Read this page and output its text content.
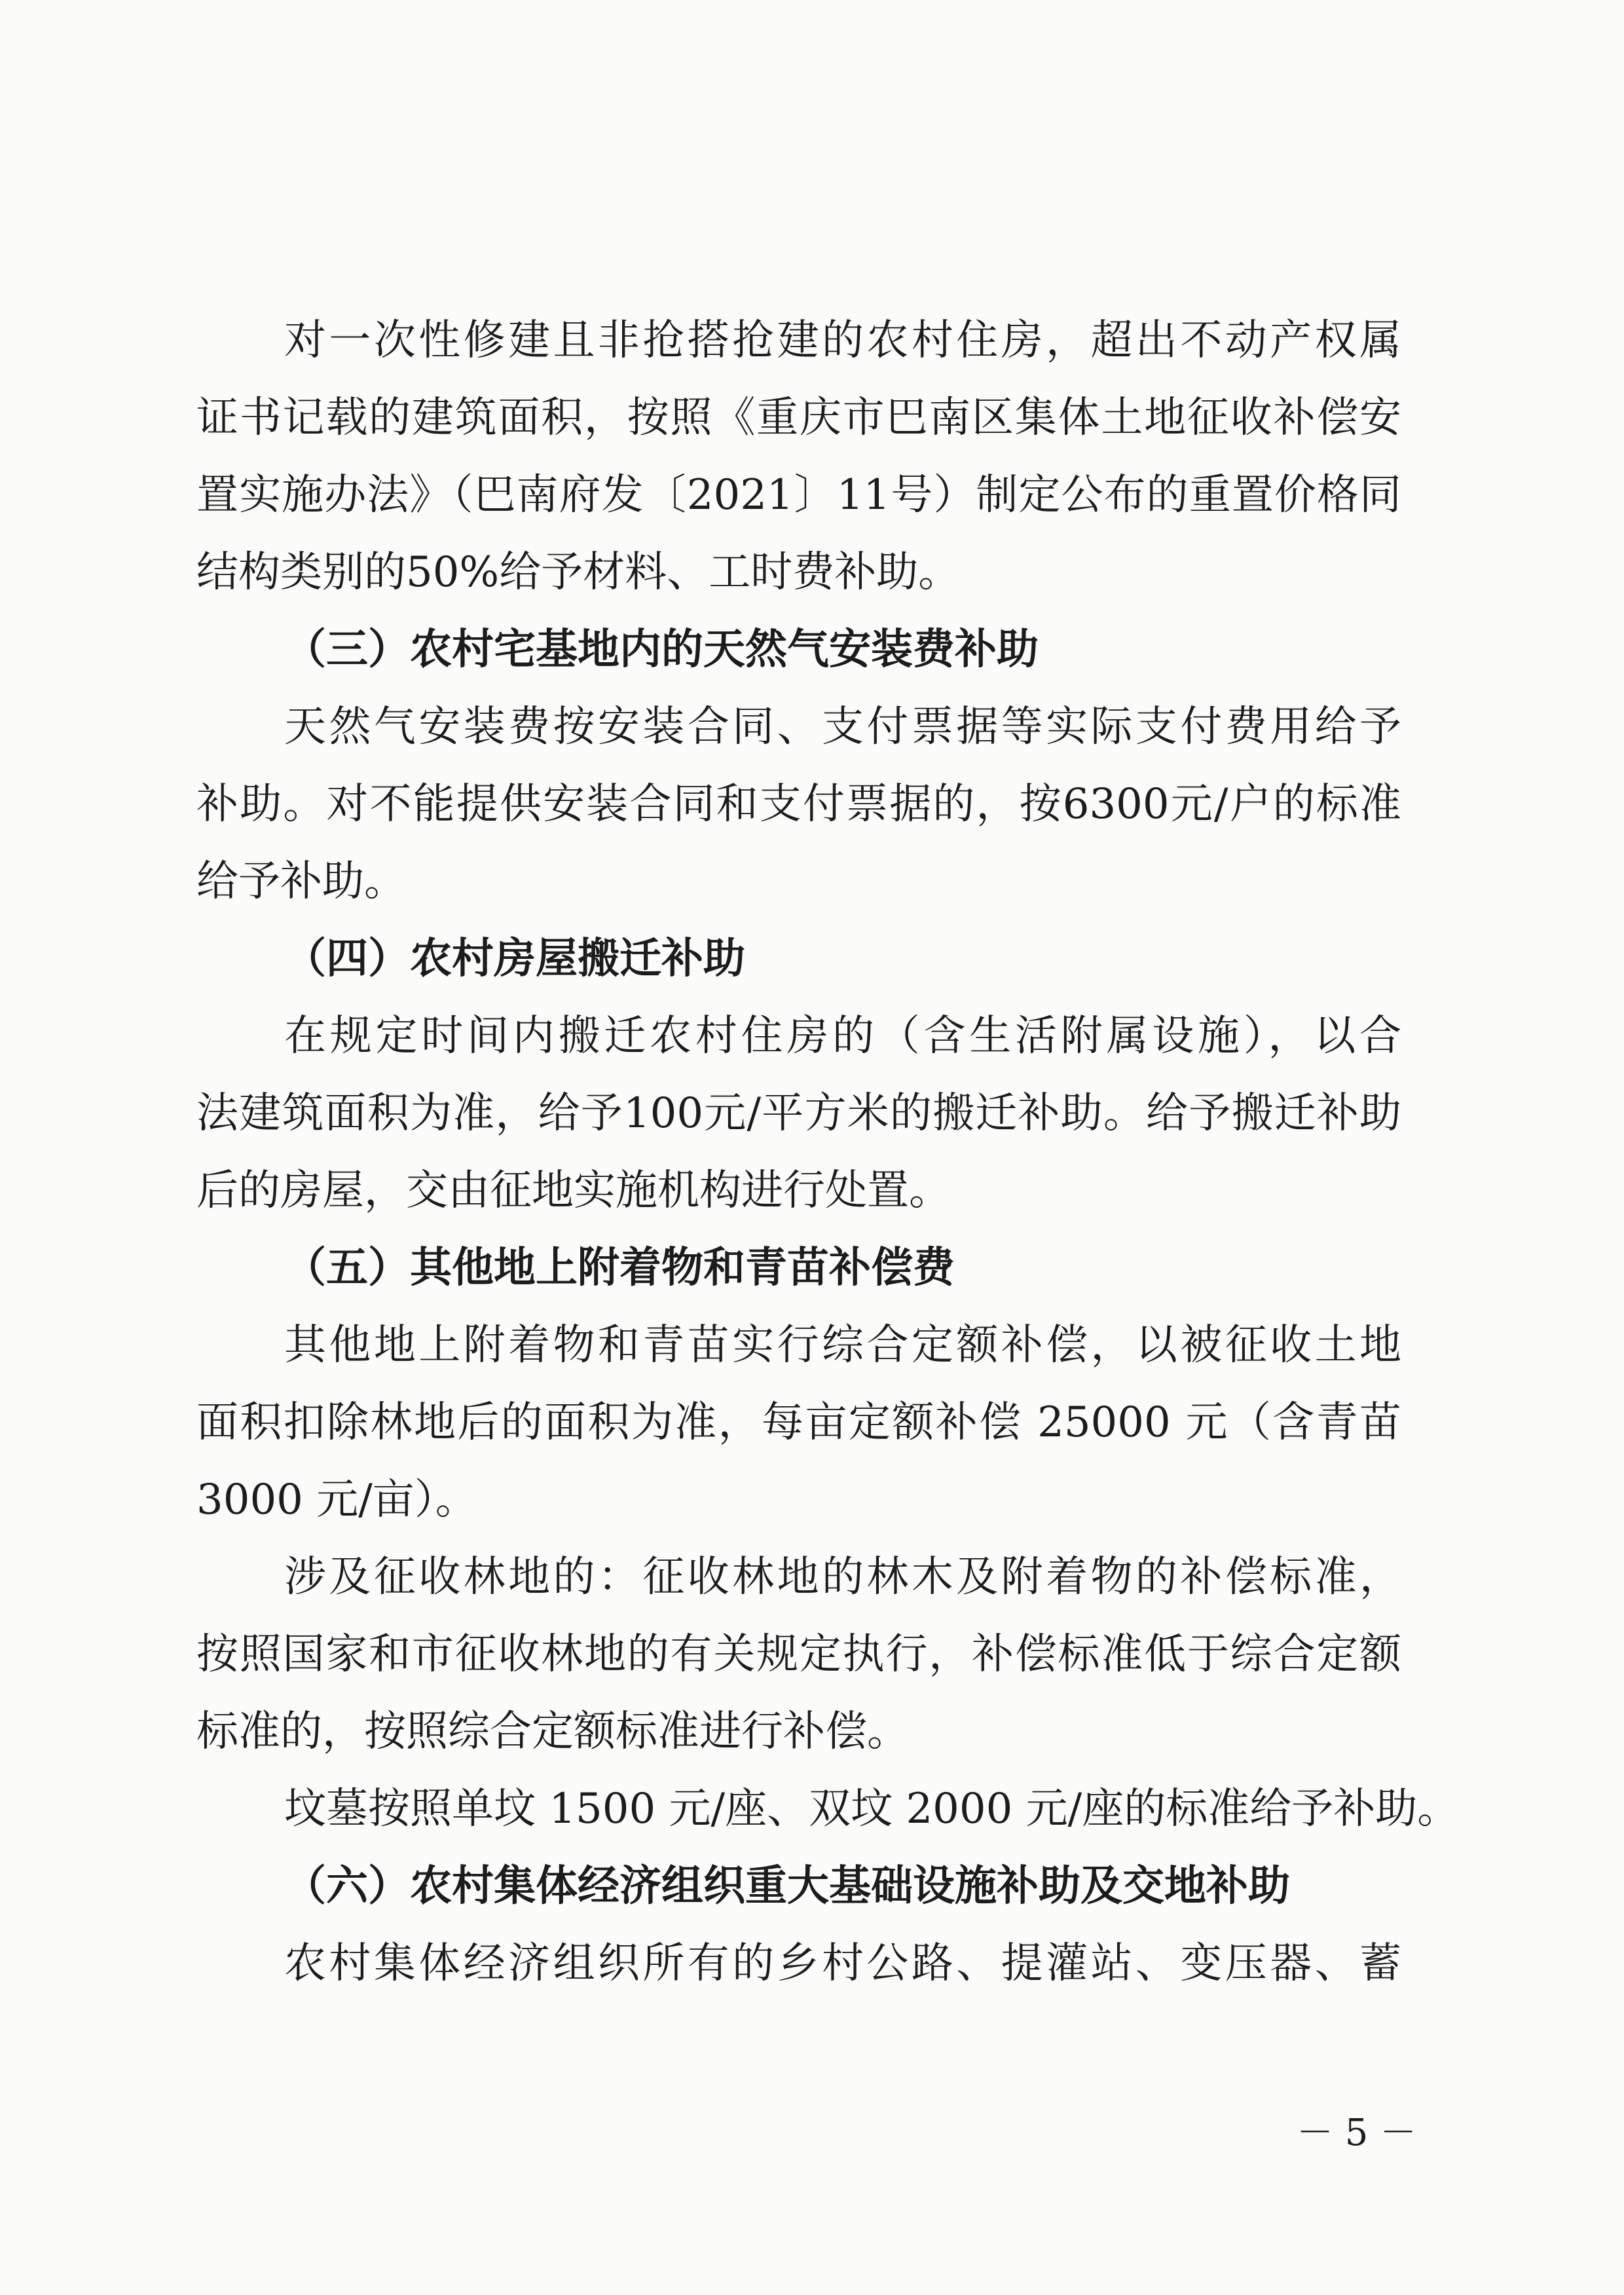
对一次性修建且非抢搭抢建的农村住房，超出不动产权属
证书记载的建筑面积，按照《重庆市巴南区集体土地征收补偿安
置实施办法》（巴南府发〔2021〕11号）制定公布的重置价格同
结构类别的50%给予材料、工时费补助。
（三）农村宅基地内的天然气安装费补助
天然气安装费按安装合同、支付票据等实际支付费用给予
补助。对不能提供安装合同和支付票据的，按6300元/户的标准
给予补助。
（四）农村房屋搬迁补助
在规定时间内搬迁农村住房的（含生活附属设施），以合
法建筑面积为准，给予100元/平方米的搬迁补助。给予搬迁补助
后的房屋，交由征地实施机构进行处置。
（五）其他地上附着物和青苗补偿费
其他地上附着物和青苗实行综合定额补偿，以被征收土地
面积扣除林地后的面积为准，每亩定额补偿 25000 元（含青苗
3000 元/亩）。
涉及征收林地的：征收林地的林木及附着物的补偿标准，
按照国家和市征收林地的有关规定执行，补偿标准低于综合定额
标准的，按照综合定额标准进行补偿。
坟墓按照单坟 1500 元/座、双坟 2000 元/座的标准给予补助。
（六）农村集体经济组织重大基础设施补助及交地补助
农村集体经济组织所有的乡村公路、提灌站、变压器、蓄
－ 5 －
